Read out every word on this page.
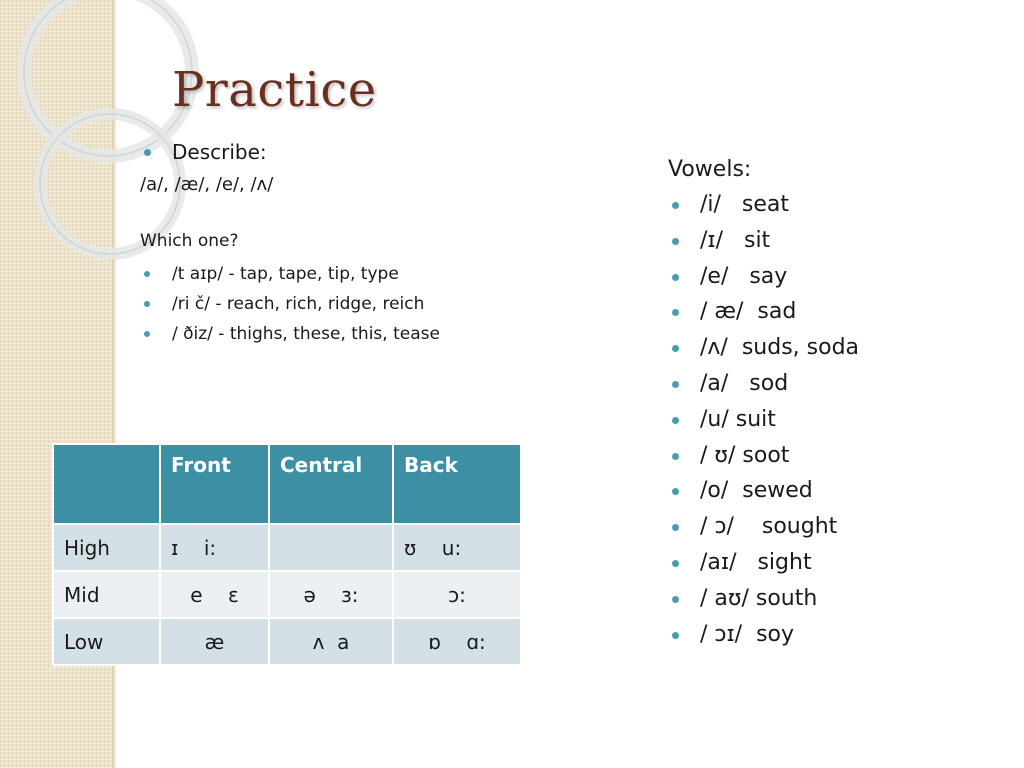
Practice
Describe:
/a/, /æ/, /e/, /ʌ/
Which one?
/t aɪp/ - tap, tape, tip, type
/ri č/ - reach, rich, ridge, reich
/ ðiz/ - thighs, these, this, tease
	Front	Central	Back
High	ɪ    i:		ʊ    u:
Mid	e    ɛ	ə    ɜ:	ɔ:
Low	æ	ʌ  a	ɒ    ɑ:
Vowels:
/i/   seat
/ɪ/   sit
/e/   say
/ æ/  sad
/ʌ/  suds, soda
/a/   sod
/u/ suit
/ ʊ/ soot
/o/  sewed
/ ɔ/    sought
/aɪ/   sight
/ aʊ/ south
/ ɔɪ/  soy
